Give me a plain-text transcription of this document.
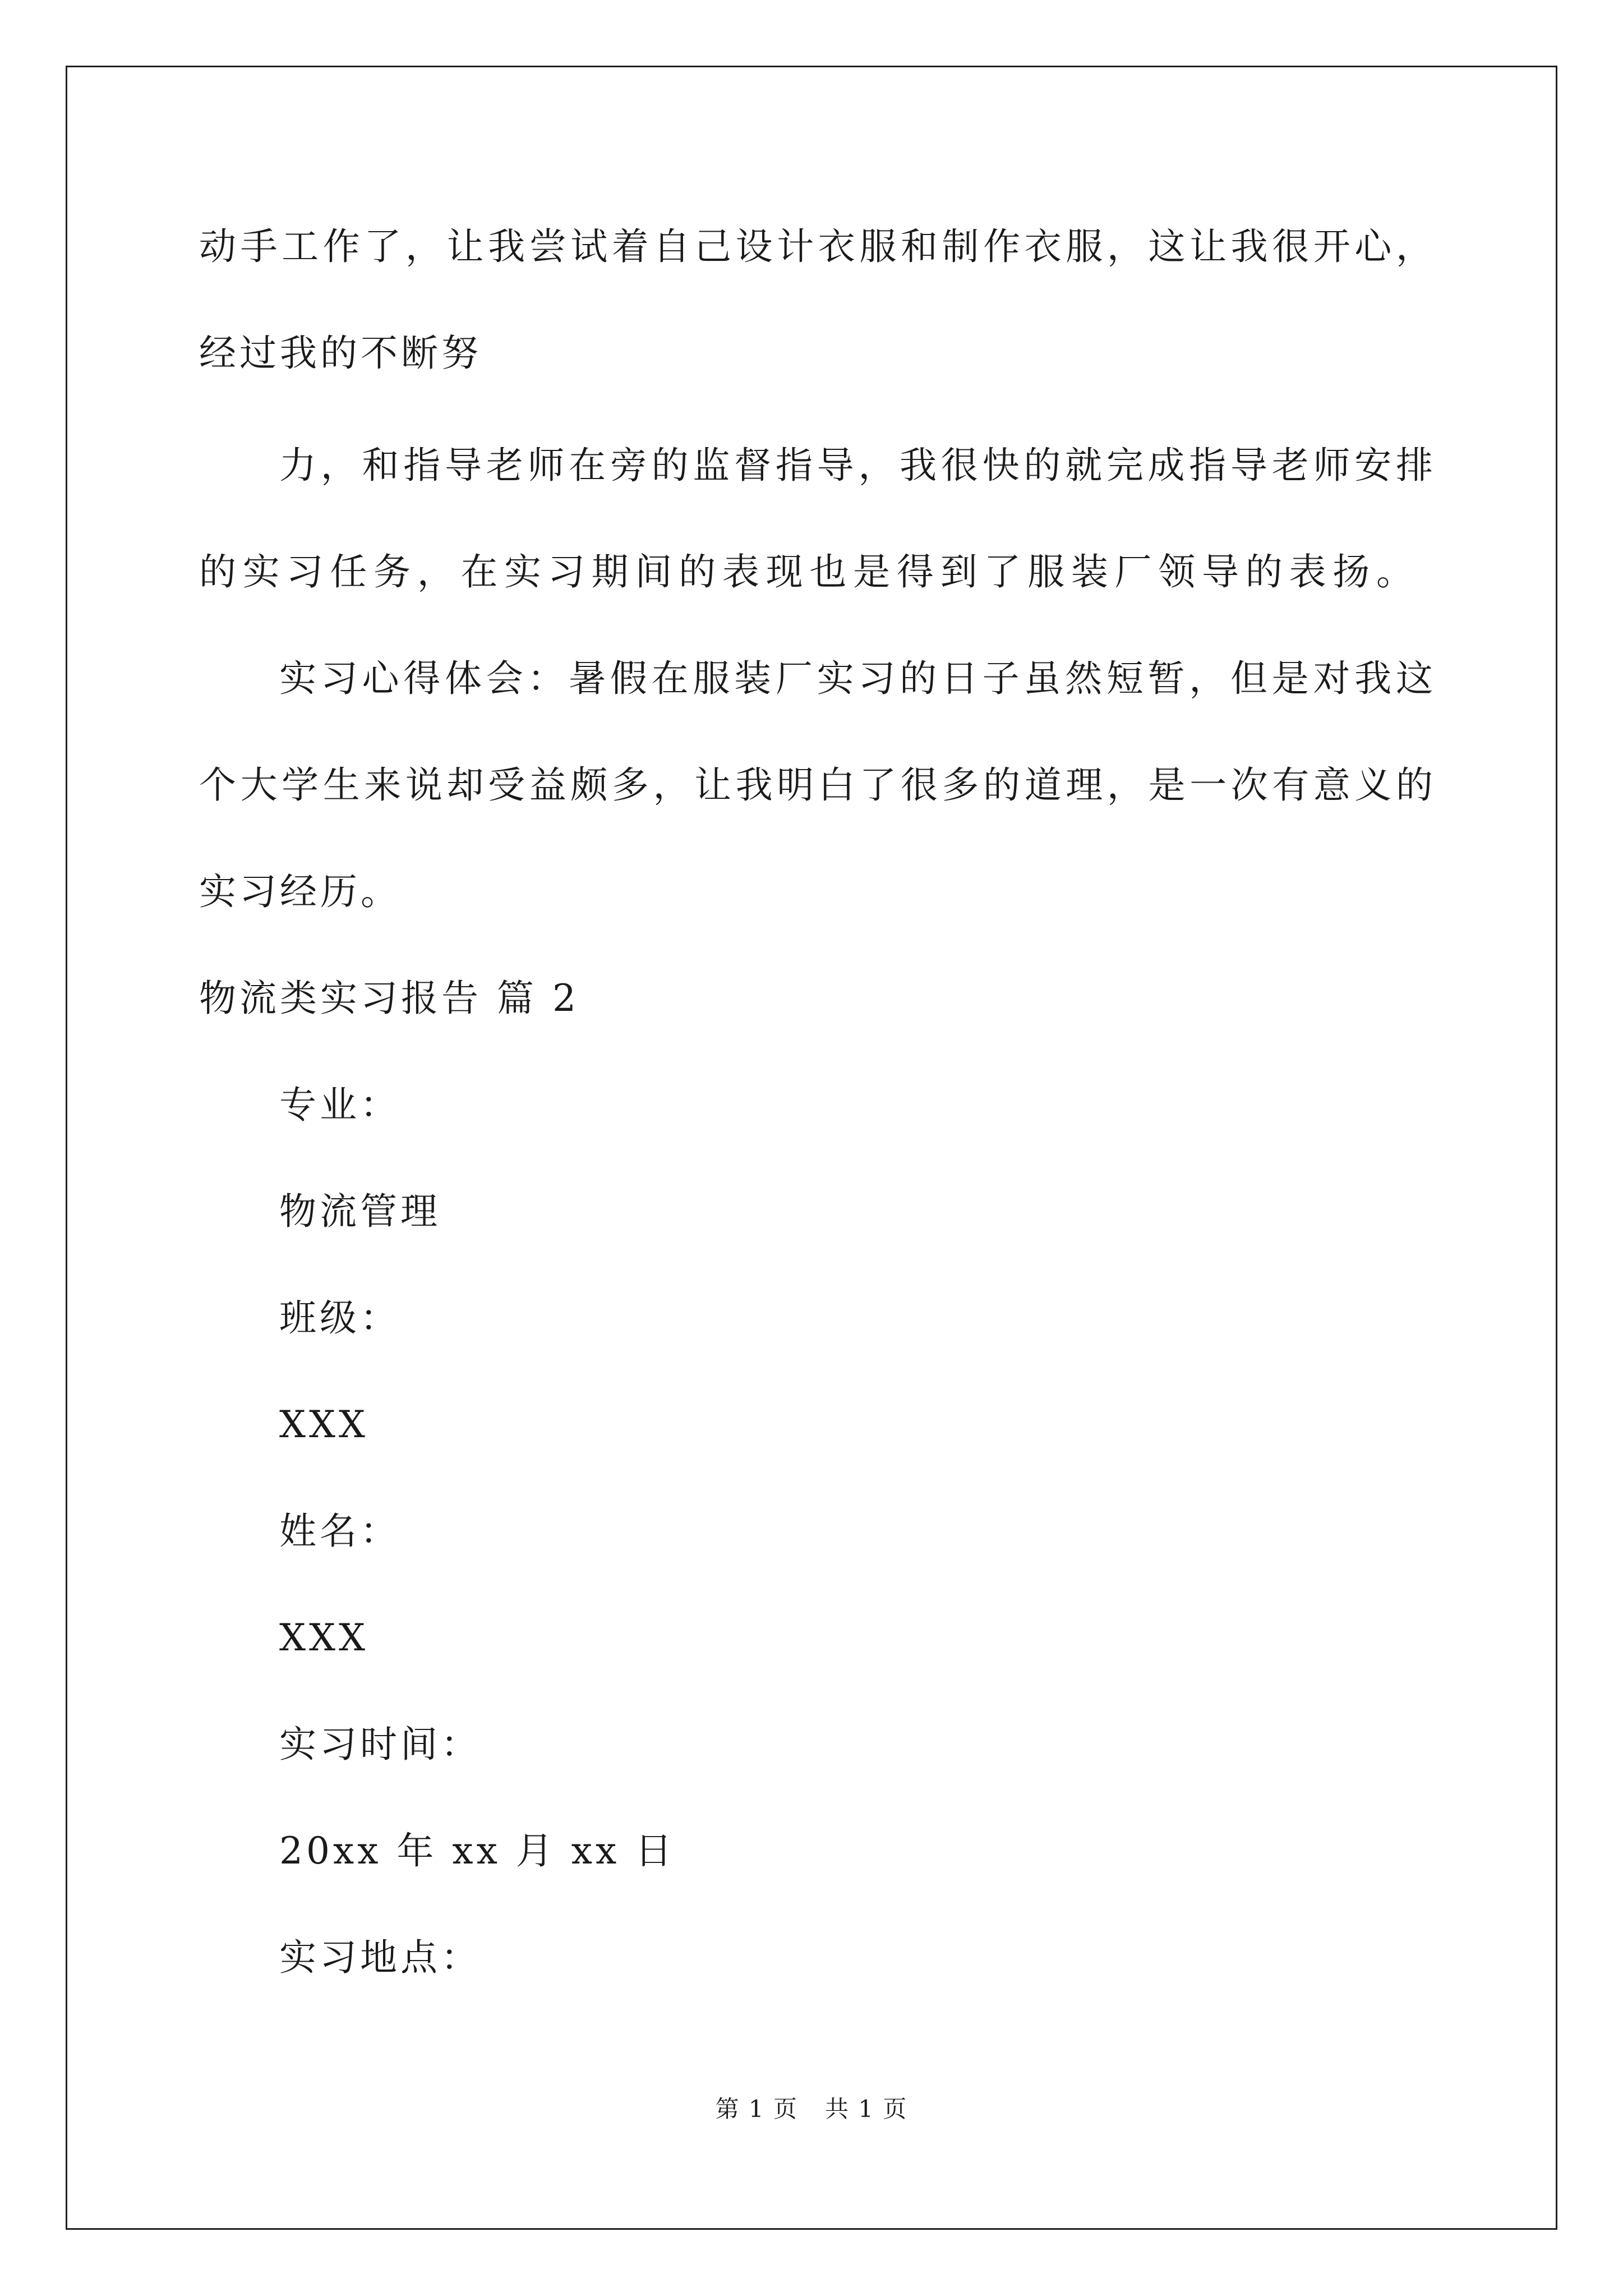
动手工作了，让我尝试着自己设计衣服和制作衣服，这让我很开心，
经过我的不断努
力，和指导老师在旁的监督指导，我很快的就完成指导老师安排
的实习任务，在实习期间的表现也是得到了服装厂领导的表扬。
实习心得体会：暑假在服装厂实习的日子虽然短暂，但是对我这
个大学生来说却受益颇多，让我明白了很多的道理，是一次有意义的
实习经历。
物流类实习报告 篇 2
专业：
物流管理
班级：
XXX
姓名：
XXX
实习时间：
20xx 年 xx 月 xx 日
实习地点：
第 1 页 共 1 页
